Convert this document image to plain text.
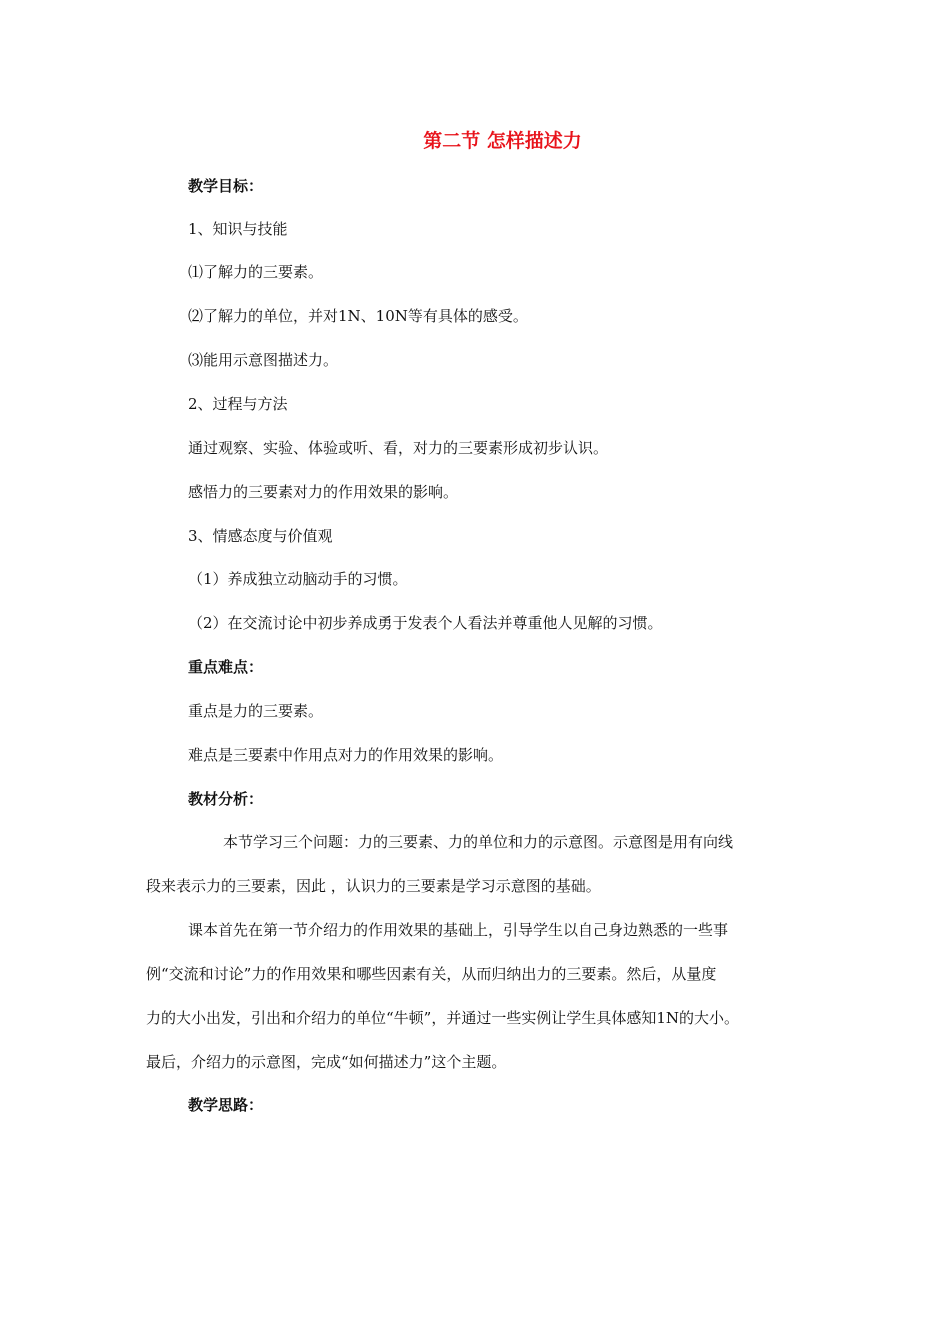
第二节 怎样描述力
教学目标：
1、知识与技能
⑴了解力的三要素。
⑵了解力的单位，并对1N、10N等有具体的感受。
⑶能用示意图描述力。
2、过程与方法
通过观察、实验、体验或听、看，对力的三要素形成初步认识。
感悟力的三要素对力的作用效果的影响。
3、情感态度与价值观
（1）养成独立动脑动手的习惯。
（2）在交流讨论中初步养成勇于发表个人看法并尊重他人见解的习惯。
重点难点：
重点是力的三要素。
难点是三要素中作用点对力的作用效果的影响。
教材分析：
本节学习三个问题：力的三要素、力的单位和力的示意图。示意图是用有向线
段来表示力的三要素，因此 ，认识力的三要素是学习示意图的基础。
课本首先在第一节介绍力的作用效果的基础上，引导学生以自己身边熟悉的一些事
例“交流和讨论”力的作用效果和哪些因素有关，从而归纳出力的三要素。然后，从量度
力的大小出发，引出和介绍力的单位“牛顿”，并通过一些实例让学生具体感知1N的大小。
最后，介绍力的示意图，完成“如何描述力”这个主题。
教学思路：
